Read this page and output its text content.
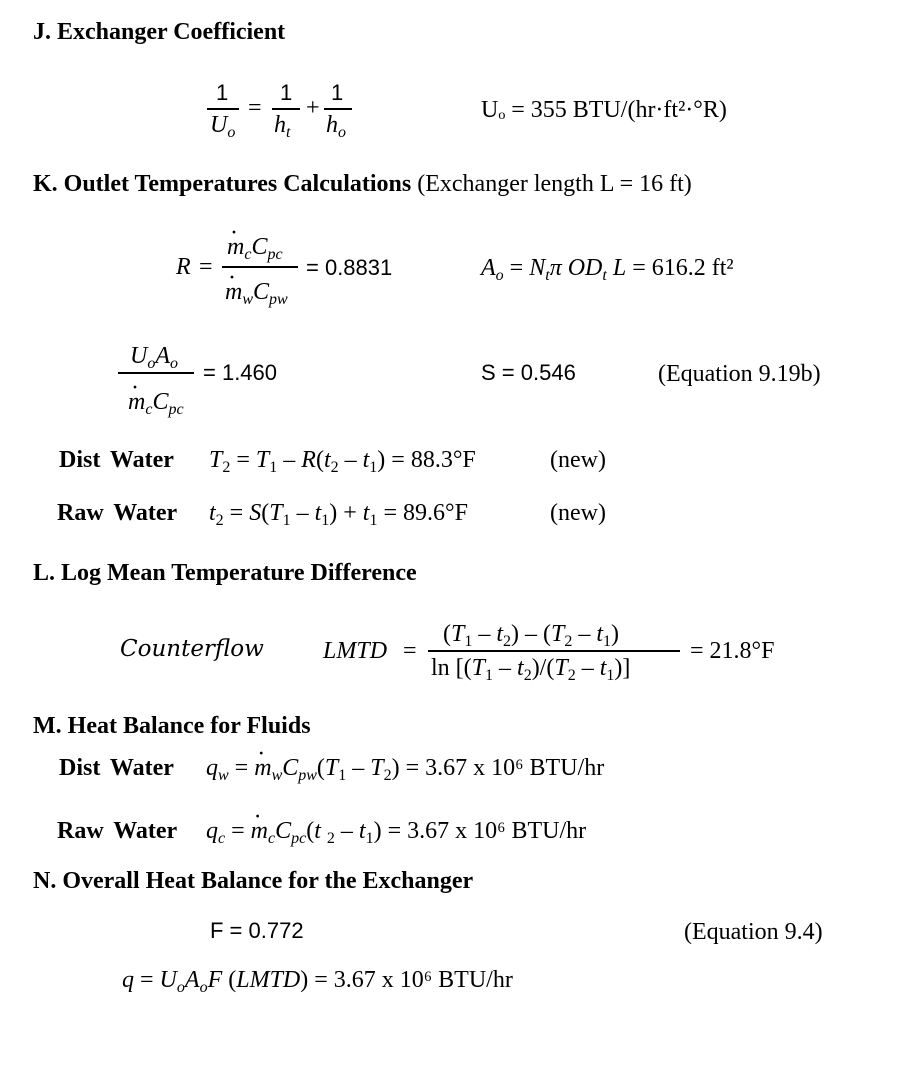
J. Exchanger Coefficient
1
$U_o$
=
1
$h_t$
+
1
$h_o$
Uₒ = 355 BTU/(hr·ft²·°R)
K. Outlet Temperatures Calculations (Exchanger length L = 16 ft)
R =
· $m_cC_{pc}$
· $m_wC_{pw}$
= 0.8831	$A_o = N_t\pi$ $OD_t$ L = 616.2 ft²
$U_oA_o$
· $m_cC_{pc}$
= 1.460	S = 0.546	(Equation 9.19b)
Dist Water $T_2 = T_1 - R(t_2 - t_1) = 88.3^\circ F$	(new)
Raw Water $t_2 = S(T_1 - t_1) + t_1 = 89.6^\circ F$	(new)
L. Log Mean Temperature Difference
Counterflow LMTD =
$(T_1 - t_2) - (T_2 - t_1)$
$\ln [(T_1 - t_2)/(T_2 - t_1)]$
= 21.8°F
M. Heat Balance for Fluids
Dist Water $q_w$ = · $m_wC_{pw}(T_1 - T_2) = 3.67$ x 10⁶ BTU/hr
Raw Water $q_c$ = · $m_cC_{pc}(t$ $_2 - t_1) = 3.67$ x 10⁶ BTU/hr
N. Overall Heat Balance for the Exchanger
F = 0.772	(Equation 9.4)
$q = U_oA_oF$ (LMTD) = 3.67 x 10⁶ BTU/hr
